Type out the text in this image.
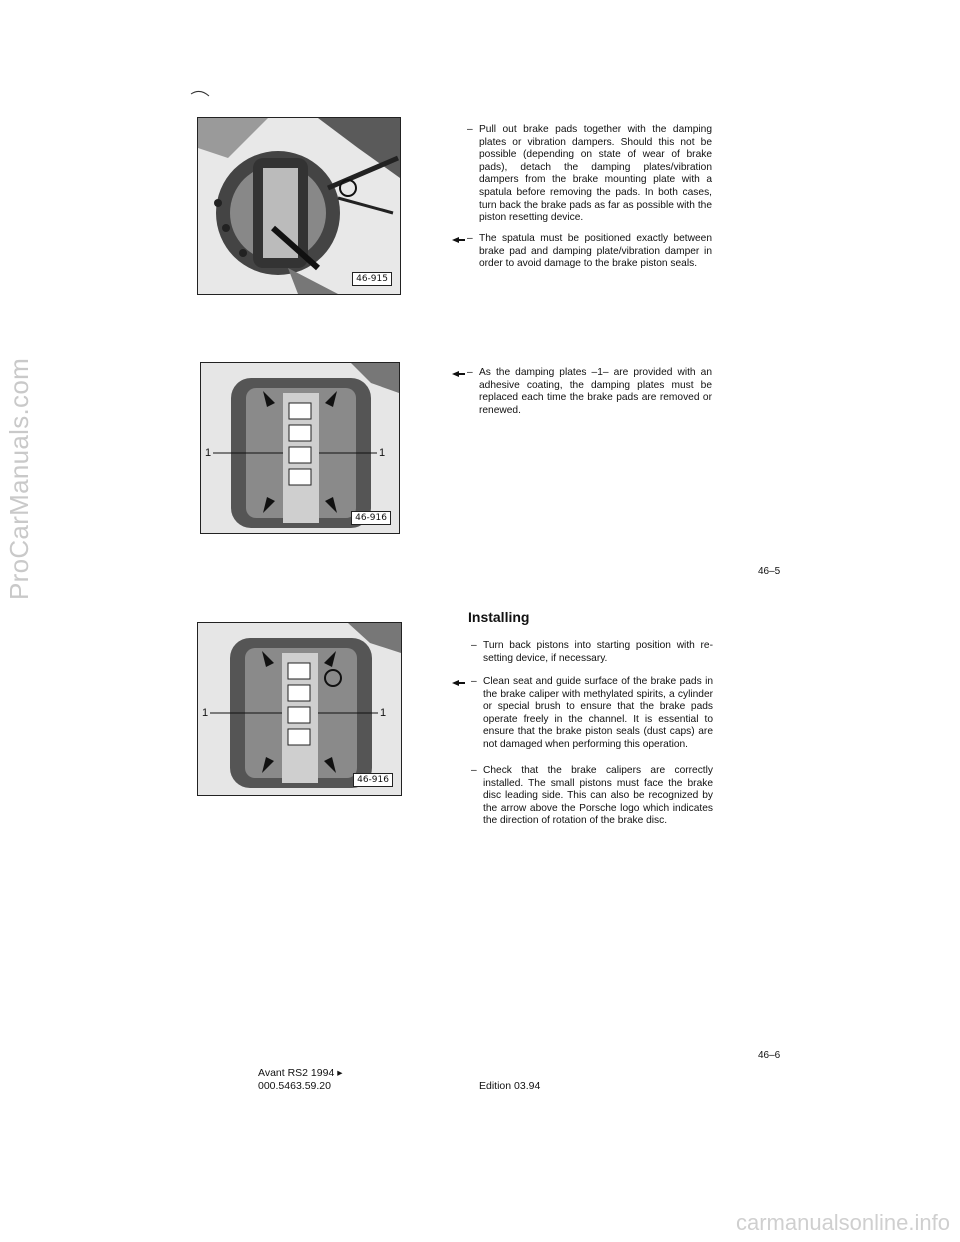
ProCarManuals.com
carmanualsonline.info
46-915
1	1
46-916
1	1
46-916
– Pull out brake pads together with the damping plates or vibration dampers. Should this not be possible (depending on state of wear of brake pads), detach the damping plates/vibration dampers from the brake mounting plate with a spatula before removing the pads. In both cases, turn back the brake pads as far as possible with the piston resetting device.
– The spatula must be positioned exactly between brake pad and damping plate/vibration damper in order to avoid damage to the brake piston seals.
– As the damping plates –1– are provided with an adhesive coating, the damping plates must be replaced each time the brake pads are removed or renewed.
46–5
Installing
– Turn back pistons into starting position with re-setting device, if necessary.
– Clean seat and guide surface of the brake pads in the brake caliper with methylated spirits, a cylinder or special brush to ensure that the brake pads operate freely in the channel. It is essential to ensure that the brake piston seals (dust caps) are not damaged when performing this operation.
– Check that the brake calipers are correctly installed. The small pistons must face the brake disc leading side. This can also be recognized by the arrow above the Porsche logo which indicates the direction of rotation of the brake disc.
46–6
Avant RS2 1994 ▸
000.5463.59.20	Edition 03.94
